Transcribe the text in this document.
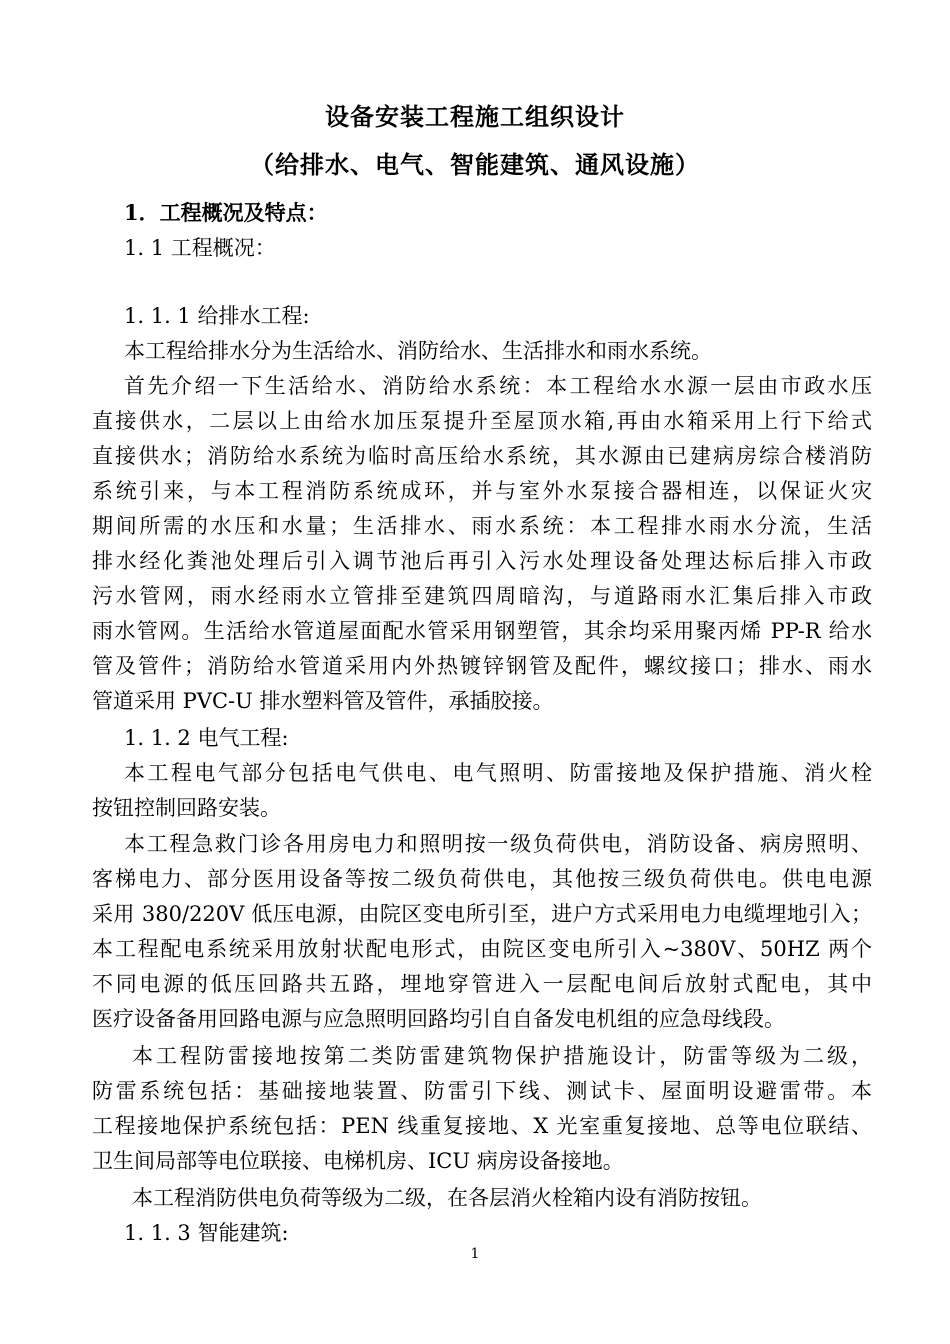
设备安装工程施工组织设计
（给排水、电气、智能建筑、通风设施）
1．工程概况及特点：
1. 1 工程概况：
1. 1. 1 给排水工程:
本工程给排水分为生活给水、消防给水、生活排水和雨水系统。
首先介绍一下生活给水、消防给水系统：本工程给水水源一层由市政水压
直接供水，二层以上由给水加压泵提升至屋顶水箱,再由水箱采用上行下给式
直接供水；消防给水系统为临时高压给水系统，其水源由已建病房综合楼消防
系统引来，与本工程消防系统成环，并与室外水泵接合器相连，以保证火灾
期间所需的水压和水量；生活排水、雨水系统：本工程排水雨水分流，生活
排水经化粪池处理后引入调节池后再引入污水处理设备处理达标后排入市政
污水管网，雨水经雨水立管排至建筑四周暗沟，与道路雨水汇集后排入市政
雨水管网。生活给水管道屋面配水管采用钢塑管，其余均采用聚丙烯 PP-R 给水
管及管件；消防给水管道采用内外热镀锌钢管及配件，螺纹接口；排水、雨水
管道采用 PVC-U 排水塑料管及管件，承插胶接。
1. 1. 2 电气工程:
本工程电气部分包括电气供电、电气照明、防雷接地及保护措施、消火栓
按钮控制回路安装。
本工程急救门诊各用房电力和照明按一级负荷供电，消防设备、病房照明、
客梯电力、部分医用设备等按二级负荷供电，其他按三级负荷供电。供电电源
采用 380/220V 低压电源，由院区变电所引至，进户方式采用电力电缆埋地引入；
本工程配电系统采用放射状配电形式，由院区变电所引入~380V、50HZ 两个
不同电源的低压回路共五路，埋地穿管进入一层配电间后放射式配电，其中
医疗设备备用回路电源与应急照明回路均引自自备发电机组的应急母线段。
本工程防雷接地按第二类防雷建筑物保护措施设计，防雷等级为二级，
防雷系统包括：基础接地装置、防雷引下线、测试卡、屋面明设避雷带。本
工程接地保护系统包括：PEN 线重复接地、X 光室重复接地、总等电位联结、
卫生间局部等电位联接、电梯机房、ICU 病房设备接地。
本工程消防供电负荷等级为二级，在各层消火栓箱内设有消防按钮。
1. 1. 3 智能建筑:
1
